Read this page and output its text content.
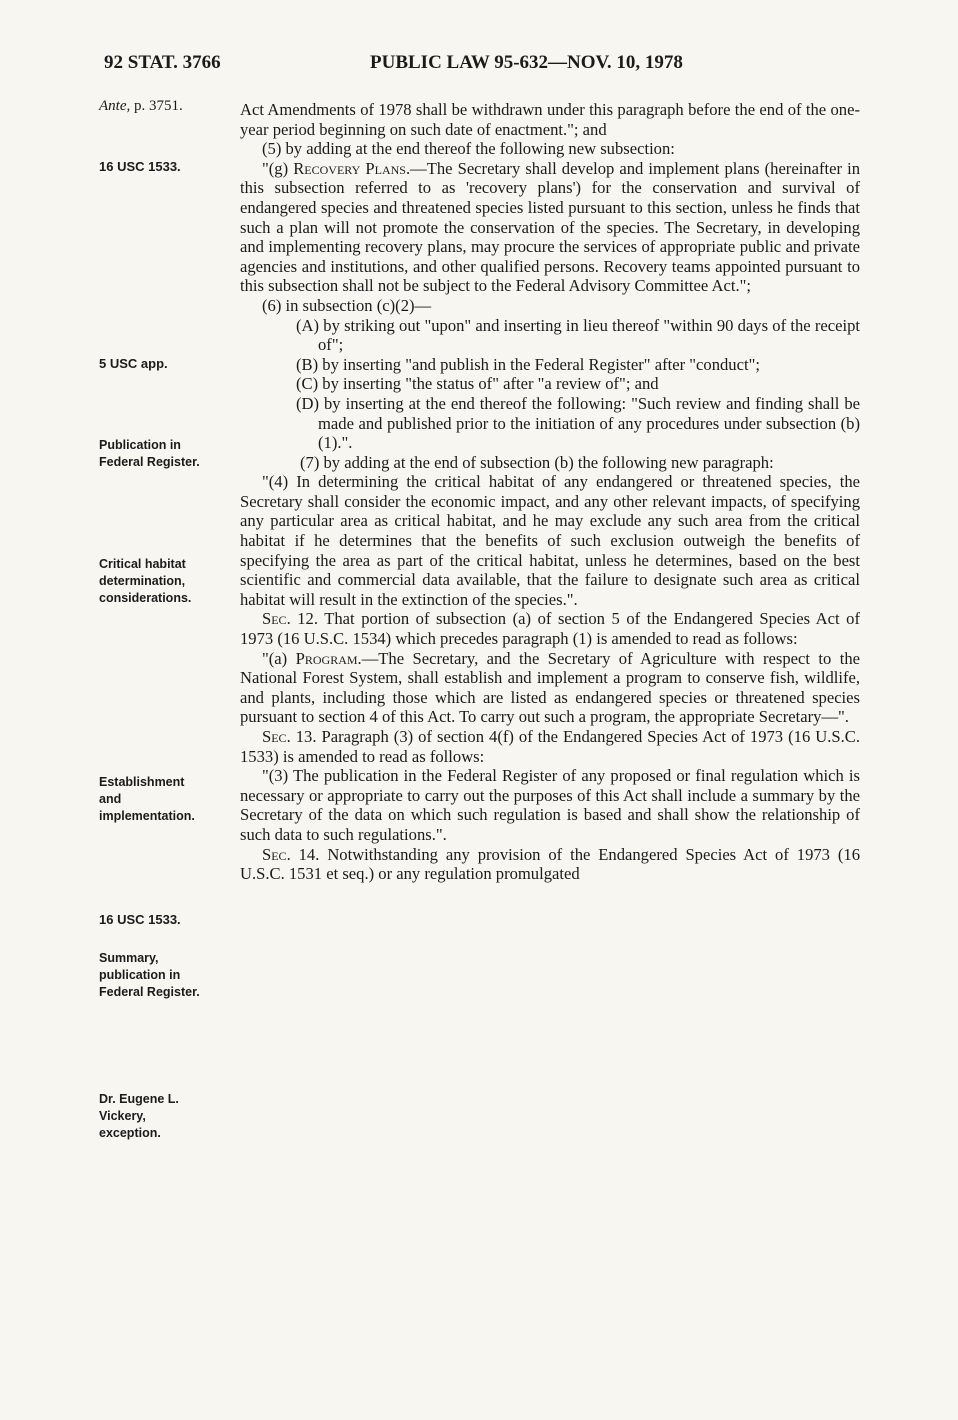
92 STAT. 3766	PUBLIC LAW 95-632—NOV. 10, 1978
Ante, p. 3751.
16 USC 1533.
5 USC app.
Publication in
Federal Register.
Critical habitat
determination,
considerations.
Establishment
and
implementation.
16 USC 1533.
Summary,
publication in
Federal Register.
Dr. Eugene L.
Vickery,
exception.

Act Amendments of 1978 shall be withdrawn under this paragraph before the end of the one-year period beginning on such date of enactment."; and

(5) by adding at the end thereof the following new subsection:

"(g) Recovery Plans.—The Secretary shall develop and implement plans (hereinafter in this subsection referred to as 'recovery plans') for the conservation and survival of endangered species and threatened species listed pursuant to this section, unless he finds that such a plan will not promote the conservation of the species. The Secretary, in developing and implementing recovery plans, may procure the services of appropriate public and private agencies and institutions, and other qualified persons. Recovery teams appointed pursuant to this subsection shall not be subject to the Federal Advisory Committee Act.";

(6) in subsection (c)(2)—

(A) by striking out "upon" and inserting in lieu thereof "within 90 days of the receipt of";

(B) by inserting "and publish in the Federal Register" after "conduct";

(C) by inserting "the status of" after "a review of"; and

(D) by inserting at the end thereof the following: "Such review and finding shall be made and published prior to the initiation of any procedures under subsection (b)(1).".

(7) by adding at the end of subsection (b) the following new paragraph:

"(4) In determining the critical habitat of any endangered or threatened species, the Secretary shall consider the economic impact, and any other relevant impacts, of specifying any particular area as critical habitat, and he may exclude any such area from the critical habitat if he determines that the benefits of such exclusion outweigh the benefits of specifying the area as part of the critical habitat, unless he determines, based on the best scientific and commercial data available, that the failure to designate such area as critical habitat will result in the extinction of the species.".

Sec. 12. That portion of subsection (a) of section 5 of the Endangered Species Act of 1973 (16 U.S.C. 1534) which precedes paragraph (1) is amended to read as follows:

"(a) Program.—The Secretary, and the Secretary of Agriculture with respect to the National Forest System, shall establish and implement a program to conserve fish, wildlife, and plants, including those which are listed as endangered species or threatened species pursuant to section 4 of this Act. To carry out such a program, the appropriate Secretary—".

Sec. 13. Paragraph (3) of section 4(f) of the Endangered Species Act of 1973 (16 U.S.C. 1533) is amended to read as follows:

"(3) The publication in the Federal Register of any proposed or final regulation which is necessary or appropriate to carry out the purposes of this Act shall include a summary by the Secretary of the data on which such regulation is based and shall show the relationship of such data to such regulations.".

Sec. 14. Notwithstanding any provision of the Endangered Species Act of 1973 (16 U.S.C. 1531 et seq.) or any regulation promulgated
